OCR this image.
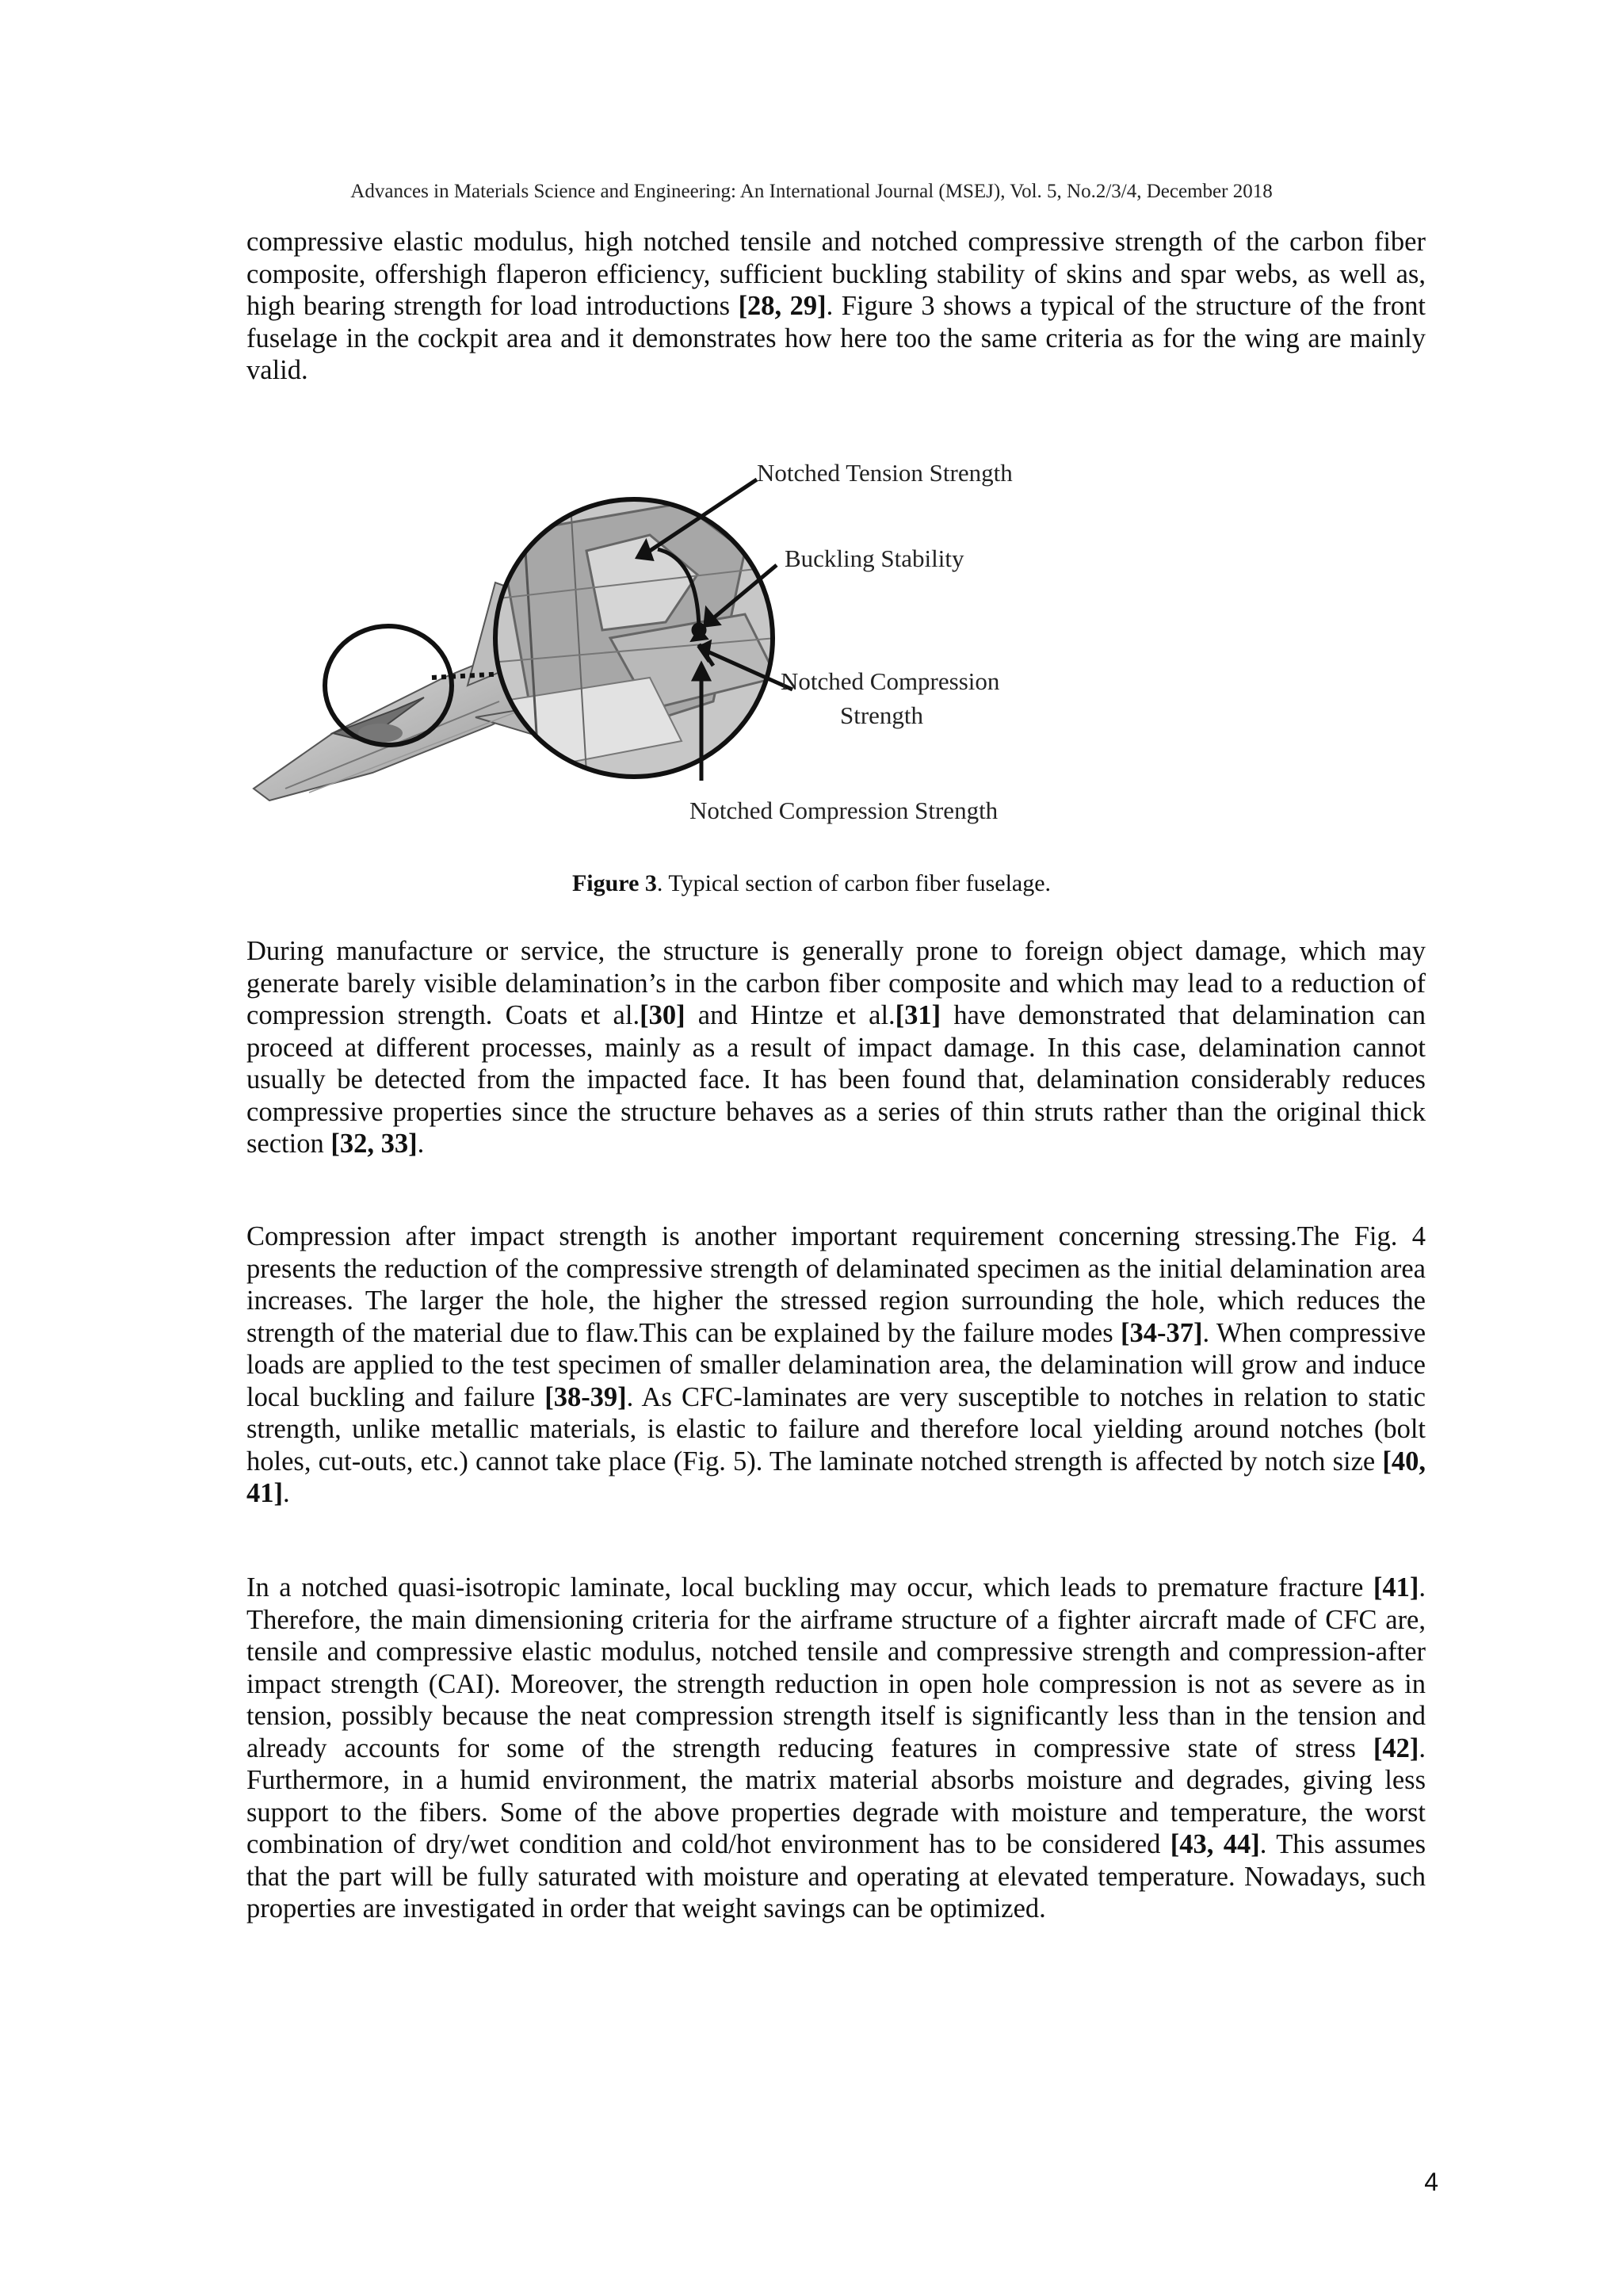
Advances in Materials Science and Engineering: An International Journal (MSEJ), Vol. 5, No.2/3/4, December 2018

compressive elastic modulus, high notched tensile and notched compressive strength of the carbon fiber composite, offershigh flaperon efficiency, sufficient buckling stability of skins and spar webs, as well as, high bearing strength for load introductions [28, 29]. Figure 3 shows a typical of the structure of the front fuselage in the cockpit area and it demonstrates how here too the same criteria as for the wing are mainly valid.

Notched Tension Strength
Buckling Stability
Notched Compression
Strength
Notched Compression Strength
Figure 3. Typical section of carbon fiber fuselage.

During manufacture or service, the structure is generally prone to foreign object damage, which may generate barely visible delamination’s in the carbon fiber composite and which may lead to a reduction of compression strength. Coats et al.[30] and Hintze et al.[31] have demonstrated that delamination can proceed at different processes, mainly as a result of impact damage. In this case, delamination cannot usually be detected from the impacted face. It has been found that, delamination considerably reduces compressive properties since the structure behaves as a series of thin struts rather than the original thick section [32, 33].

Compression after impact strength is another important requirement concerning stressing.The Fig. 4 presents the reduction of the compressive strength of delaminated specimen as the initial delamination area increases. The larger the hole, the higher the stressed region surrounding the hole, which reduces the strength of the material due to flaw.This can be explained by the failure modes [34-37]. When compressive loads are applied to the test specimen of smaller delamination area, the delamination will grow and induce local buckling and failure [38-39]. As CFC-laminates are very susceptible to notches in relation to static strength, unlike metallic materials, is elastic to failure and therefore local yielding around notches (bolt holes, cut-outs, etc.) cannot take place (Fig. 5). The laminate notched strength is affected by notch size [40, 41].

In a notched quasi-isotropic laminate, local buckling may occur, which leads to premature fracture [41]. Therefore, the main dimensioning criteria for the airframe structure of a fighter aircraft made of CFC are, tensile and compressive elastic modulus, notched tensile and compressive strength and compression-after impact strength (CAI). Moreover, the strength reduction in open hole compression is not as severe as in tension, possibly because the neat compression strength itself is significantly less than in the tension and already accounts for some of the strength reducing features in compressive state of stress [42]. Furthermore, in a humid environment, the matrix material absorbs moisture and degrades, giving less support to the fibers. Some of the above properties degrade with moisture and temperature, the worst combination of dry/wet condition and cold/hot environment has to be considered [43, 44]. This assumes that the part will be fully saturated with moisture and operating at elevated temperature. Nowadays, such properties are investigated in order that weight savings can be optimized.

4
